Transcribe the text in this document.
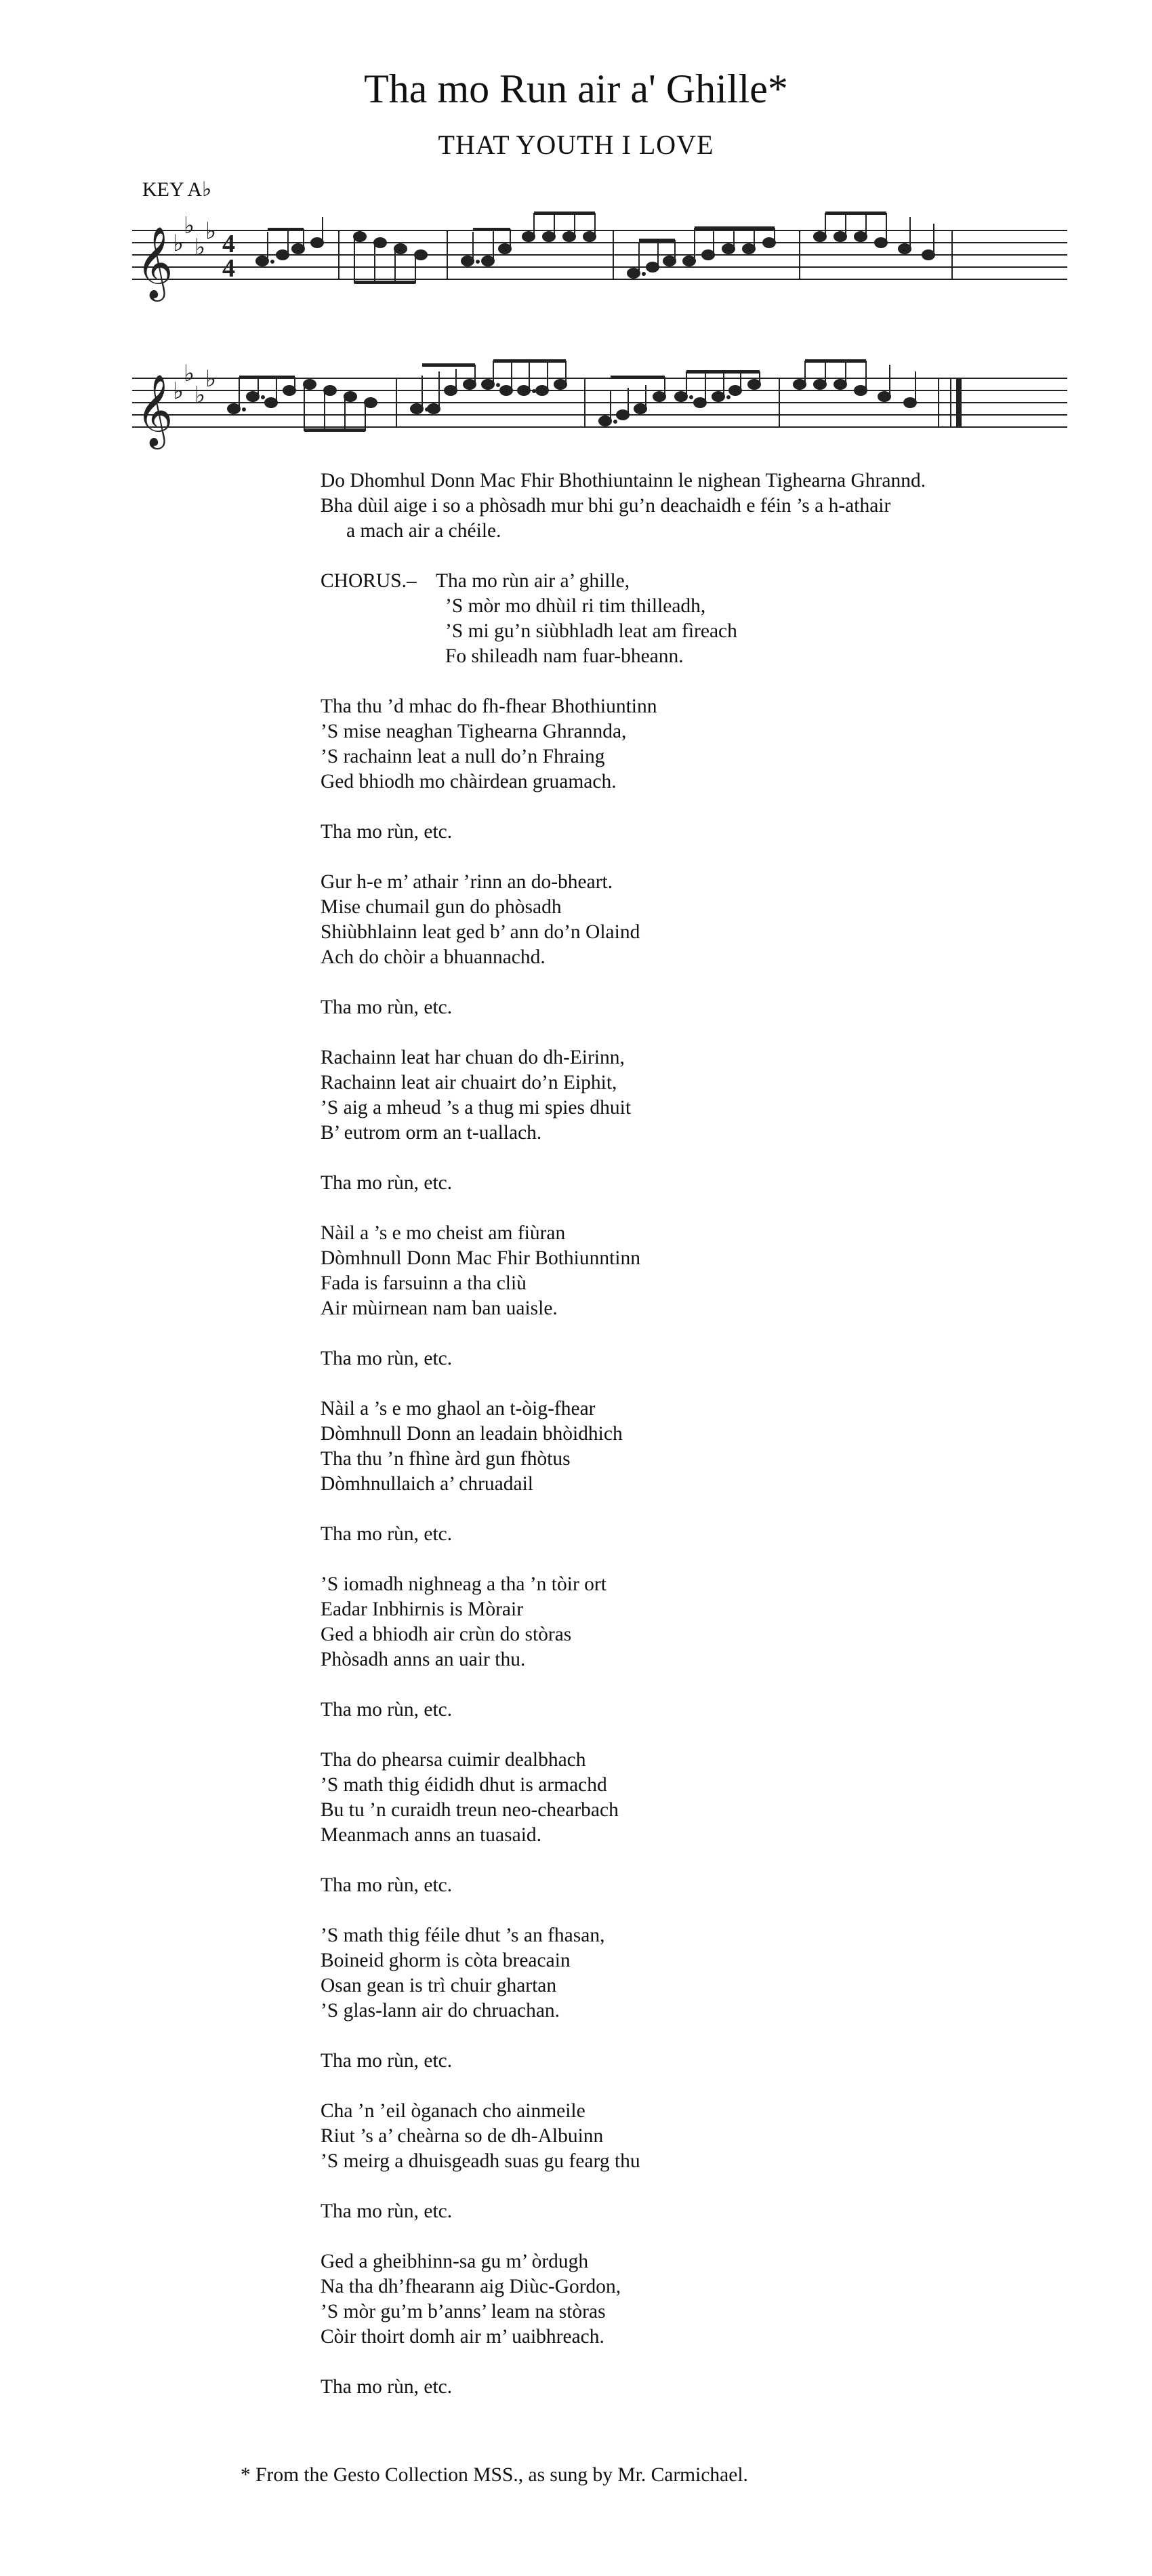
Tha mo Run air a' Ghille*
THAT YOUTH I LOVE
KEY A♭
𝄞 ♭
♭
♭
♭ 4
4
𝄞 ♭
♭
♭
♭
Do Dhomhul Donn Mac Fhir Bhothiuntainn le nighean Tighearna Ghrannd.
Bha dùil aige i so a phòsadh mur bhi gu’n deachaidh e féin ’s a h-athair
a mach air a chéile.
CHORUS.– Tha mo rùn air a’ ghille,
’S mòr mo dhùil ri tim thilleadh,
’S mi gu’n siùbhladh leat am fìreach
Fo shileadh nam fuar-bheann.
Tha thu ’d mhac do fh-fhear Bhothiuntinn
’S mise neaghan Tighearna Ghrannda,
’S rachainn leat a null do’n Fhraing
Ged bhiodh mo chàirdean gruamach.
Tha mo rùn, etc.
Gur h-e m’ athair ’rinn an do-bheart.
Mise chumail gun do phòsadh
Shiùbhlainn leat ged b’ ann do’n Olaind
Ach do chòir a bhuannachd.
Tha mo rùn, etc.
Rachainn leat har chuan do dh-Eirinn,
Rachainn leat air chuairt do’n Eiphit,
’S aig a mheud ’s a thug mi spies dhuit
B’ eutrom orm an t-uallach.
Tha mo rùn, etc.
Nàil a ’s e mo cheist am fiùran
Dòmhnull Donn Mac Fhir Bothiunntinn
Fada is farsuinn a tha cliù
Air mùirnean nam ban uaisle.
Tha mo rùn, etc.
Nàil a ’s e mo ghaol an t-òig-fhear
Dòmhnull Donn an leadain bhòidhich
Tha thu ’n fhìne àrd gun fhòtus
Dòmhnullaich a’ chruadail
Tha mo rùn, etc.
’S iomadh nighneag a tha ’n tòir ort
Eadar Inbhirnis is Mòrair
Ged a bhiodh air crùn do stòras
Phòsadh anns an uair thu.
Tha mo rùn, etc.
Tha do phearsa cuimir dealbhach
’S math thig éididh dhut is armachd
Bu tu ’n curaidh treun neo-chearbach
Meanmach anns an tuasaid.
Tha mo rùn, etc.
’S math thig féile dhut ’s an fhasan,
Boineid ghorm is còta breacain
Osan gean is trì chuir ghartan
’S glas-lann air do chruachan.
Tha mo rùn, etc.
Cha ’n ’eil òganach cho ainmeile
Riut ’s a’ cheàrna so de dh-Albuinn
’S meirg a dhuisgeadh suas gu fearg thu
Tha mo rùn, etc.
Ged a gheibhinn-sa gu m’ òrdugh
Na tha dh’fhearann aig Diùc-Gordon,
’S mòr gu’m b’anns’ leam na stòras
Còir thoirt domh air m’ uaibhreach.
Tha mo rùn, etc.
* From the Gesto Collection MSS., as sung by Mr. Carmichael.
